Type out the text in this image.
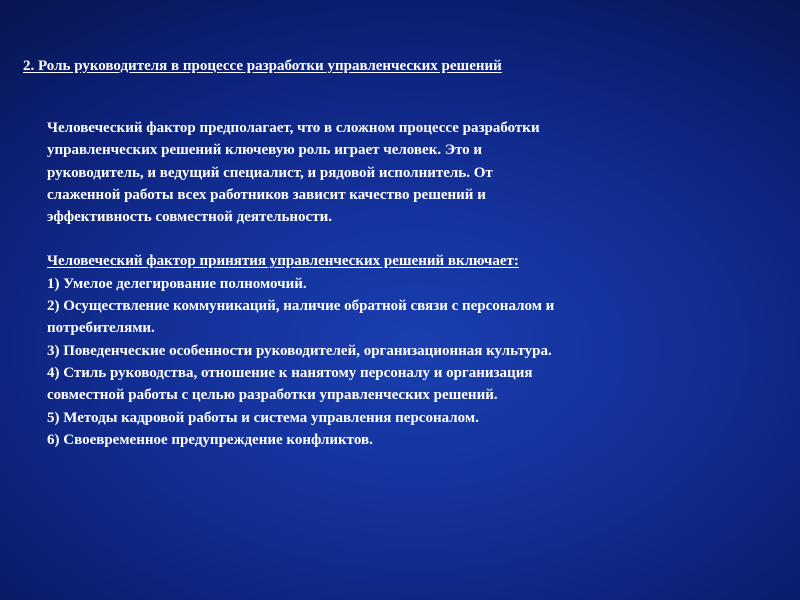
2. Роль руководителя в процессе разработки управленческих решений

Человеческий фактор предполагает, что в сложном процессе разработки
управленческих решений ключевую роль играет человек. Это и
руководитель, и ведущий специалист, и рядовой исполнитель. От
слаженной работы всех работников зависит качество решений и
эффективность совместной деятельности.

Человеческий фактор принятия управленческих решений включает:
1) Умелое делегирование полномочий.
2) Осуществление коммуникаций, наличие обратной связи с персоналом и
потребителями.
3) Поведенческие особенности руководителей, организационная культура.
4) Стиль руководства, отношение к нанятому персоналу и организация
совместной работы с целью разработки управленческих решений.
5) Методы кадровой работы и система управления персоналом.
6) Своевременное предупреждение конфликтов.
